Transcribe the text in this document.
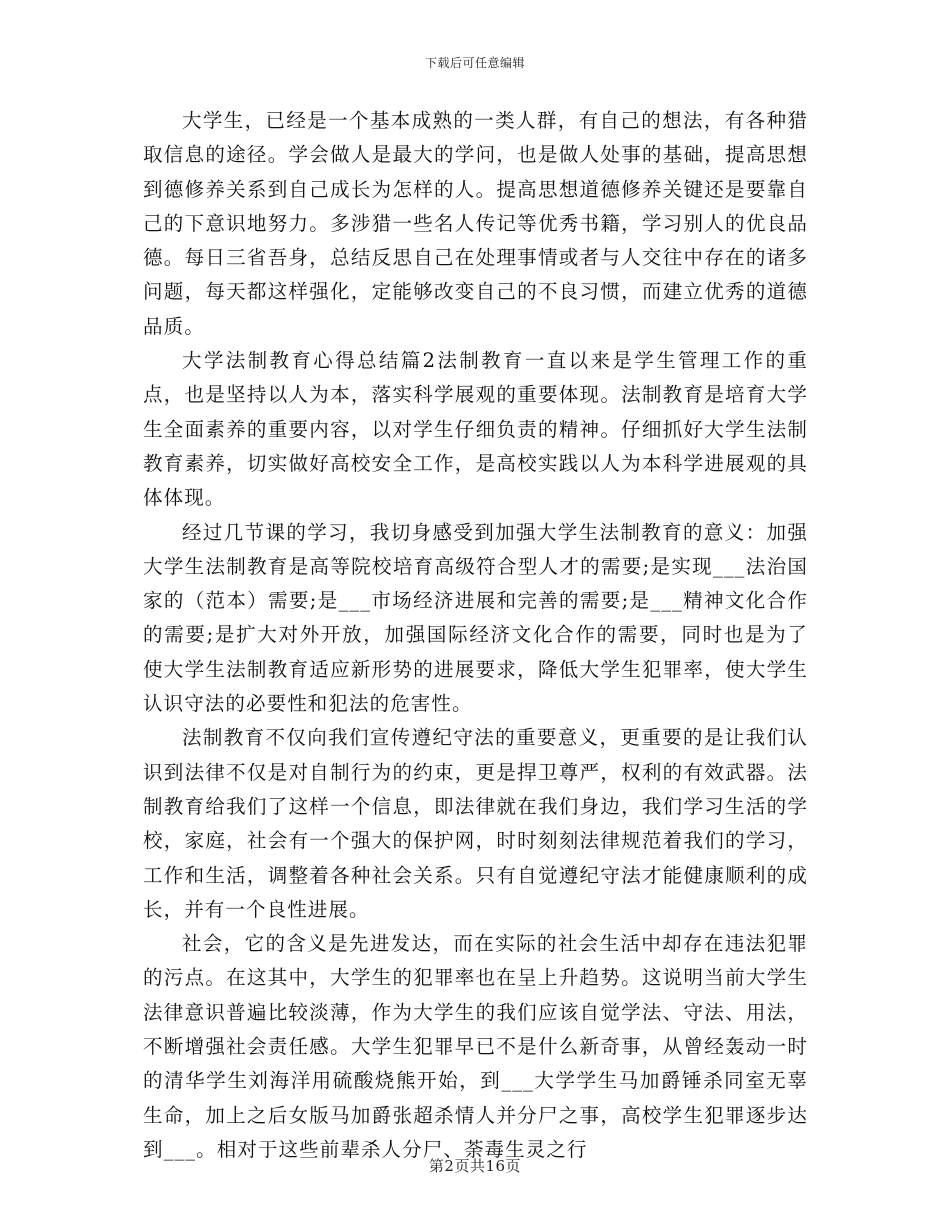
下载后可任意编辑

大学生，已经是一个基本成熟的一类人群，有自己的想法，有各种猎取信息的途径。学会做人是最大的学问，也是做人处事的基础，提高思想到德修养关系到自己成长为怎样的人。提高思想道德修养关键还是要靠自己的下意识地努力。多涉猎一些名人传记等优秀书籍，学习别人的优良品德。每日三省吾身，总结反思自己在处理事情或者与人交往中存在的诸多问题，每天都这样强化，定能够改变自己的不良习惯，而建立优秀的道德品质。

大学法制教育心得总结篇2法制教育一直以来是学生管理工作的重点，也是坚持以人为本，落实科学展观的重要体现。法制教育是培育大学生全面素养的重要内容，以对学生仔细负责的精神。仔细抓好大学生法制教育素养，切实做好高校安全工作，是高校实践以人为本科学进展观的具体体现。

经过几节课的学习，我切身感受到加强大学生法制教育的意义：加强大学生法制教育是高等院校培育高级符合型人才的需要;是实现___法治国家的（范本）需要;是___市场经济进展和完善的需要;是___精神文化合作的需要;是扩大对外开放，加强国际经济文化合作的需要，同时也是为了使大学生法制教育适应新形势的进展要求，降低大学生犯罪率，使大学生认识守法的必要性和犯法的危害性。

法制教育不仅向我们宣传遵纪守法的重要意义，更重要的是让我们认识到法律不仅是对自制行为的约束，更是捍卫尊严，权利的有效武器。法制教育给我们了这样一个信息，即法律就在我们身边，我们学习生活的学校，家庭，社会有一个强大的保护网，时时刻刻法律规范着我们的学习，工作和生活，调整着各种社会关系。只有自觉遵纪守法才能健康顺利的成长，并有一个良性进展。

社会，它的含义是先进发达，而在实际的社会生活中却存在违法犯罪的污点。在这其中，大学生的犯罪率也在呈上升趋势。这说明当前大学生法律意识普遍比较淡薄，作为大学生的我们应该自觉学法、守法、用法，不断增强社会责任感。大学生犯罪早已不是什么新奇事，从曾经轰动一时的清华学生刘海洋用硫酸烧熊开始，到___大学学生马加爵锤杀同室无辜生命，加上之后女版马加爵张超杀情人并分尸之事，高校学生犯罪逐步达到___。相对于这些前辈杀人分尸、荼毒生灵之行

第2页共16页
